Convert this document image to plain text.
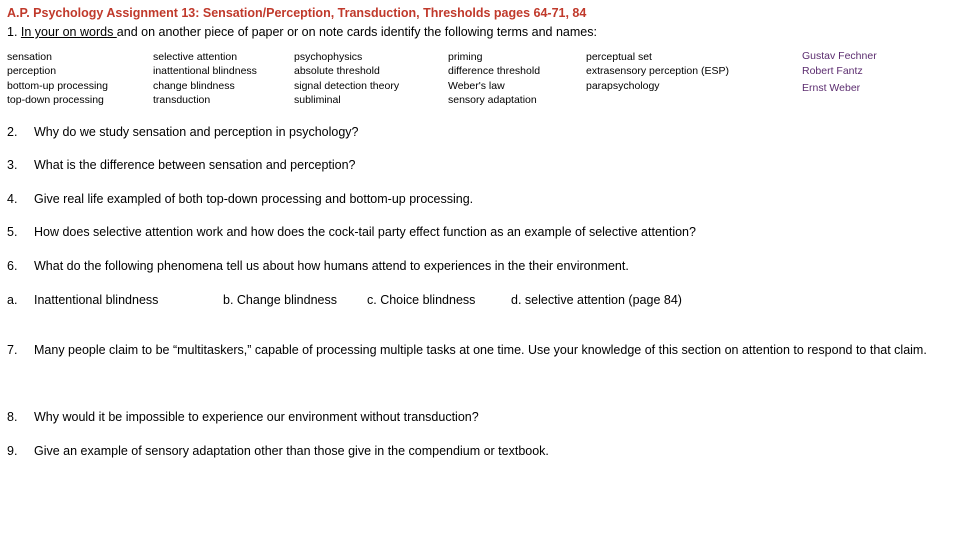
A.P. Psychology Assignment 13: Sensation/Perception, Transduction, Thresholds pages 64-71, 84
1. In your on words and on another piece of paper or on note cards identify the following terms and names:
sensation
perception
bottom-up processing
top-down processing
selective attention
inattentional blindness
change blindness
transduction
psychophysics
absolute threshold
signal detection theory
subliminal
priming
difference threshold
Weber's law
sensory adaptation
perceptual set
extrasensory perception (ESP)
parapsychology
Gustav Fechner
Robert Fantz
Ernst Weber
2. Why do we study sensation and perception in psychology?
3. What is the difference between sensation and perception?
4. Give real life exampled of both top-down processing and bottom-up processing.
5. How does selective attention work and how does the cock-tail party effect function as an example of selective attention?
6. What do the following phenomena tell us about how humans attend to experiences in the their environment.
a. Inattentional blindness	b. Change blindness c. Choice blindness	d. selective attention (page 84)
7. Many people claim to be “multitaskers,” capable of processing multiple tasks at one time. Use your knowledge of this section on attention to respond to that claim.
8. Why would it be impossible to experience our environment without transduction?
9. Give an example of sensory adaptation other than those give in the compendium or textbook.
